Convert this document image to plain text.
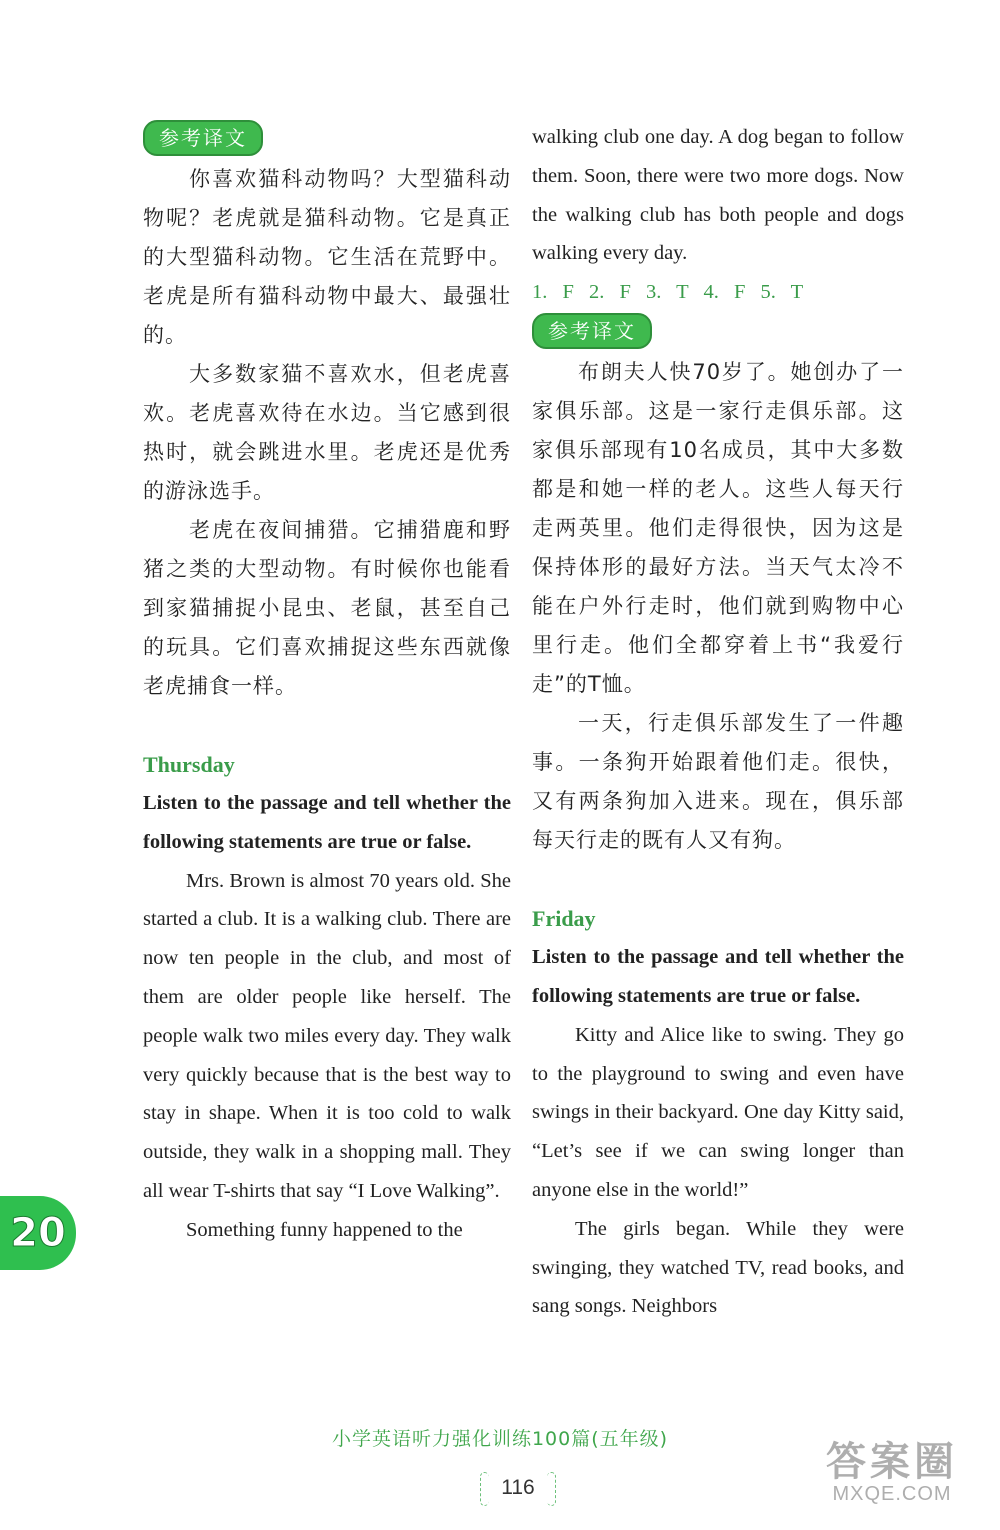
参考译文

你喜欢猫科动物吗？大型猫科动物呢？老虎就是猫科动物。它是真正的大型猫科动物。它生活在荒野中。老虎是所有猫科动物中最大、最强壮的。

大多数家猫不喜欢水，但老虎喜欢。老虎喜欢待在水边。当它感到很热时，就会跳进水里。老虎还是优秀的游泳选手。

老虎在夜间捕猎。它捕猎鹿和野猪之类的大型动物。有时候你也能看到家猫捕捉小昆虫、老鼠，甚至自己的玩具。它们喜欢捕捉这些东西就像老虎捕食一样。

Thursday

Listen to the passage and tell whether the following statements are true or false.

Mrs. Brown is almost 70 years old. She started a club. It is a walking club. There are now ten people in the club, and most of them are older people like herself. The people walk two miles every day. They walk very quickly because that is the best way to stay in shape. When it is too cold to walk outside, they walk in a shopping mall. They all wear T-shirts that say “I Love Walking”.

Something funny happened to the

walking club one day. A dog began to follow them. Soon, there were two more dogs. Now the walking club has both people and dogs walking every day.

1. F 2. F 3. T 4. F 5. T

参考译文

布朗夫人快70岁了。她创办了一家俱乐部。这是一家行走俱乐部。这家俱乐部现有10名成员，其中大多数都是和她一样的老人。这些人每天行走两英里。他们走得很快，因为这是保持体形的最好方法。当天气太冷不能在户外行走时，他们就到购物中心里行走。他们全都穿着上书“我爱行走”的T恤。

一天，行走俱乐部发生了一件趣事。一条狗开始跟着他们走。很快，又有两条狗加入进来。现在，俱乐部每天行走的既有人又有狗。

Friday

Listen to the passage and tell whether the following statements are true or false.

Kitty and Alice like to swing. They go to the playground to swing and even have swings in their backyard. One day Kitty said, “Let’s see if we can swing longer than anyone else in the world!”

The girls began. While they were swinging, they watched TV, read books, and sang songs. Neighbors

20
小学英语听力强化训练100篇(五年级)
116
答案圈
MXQE.COM
